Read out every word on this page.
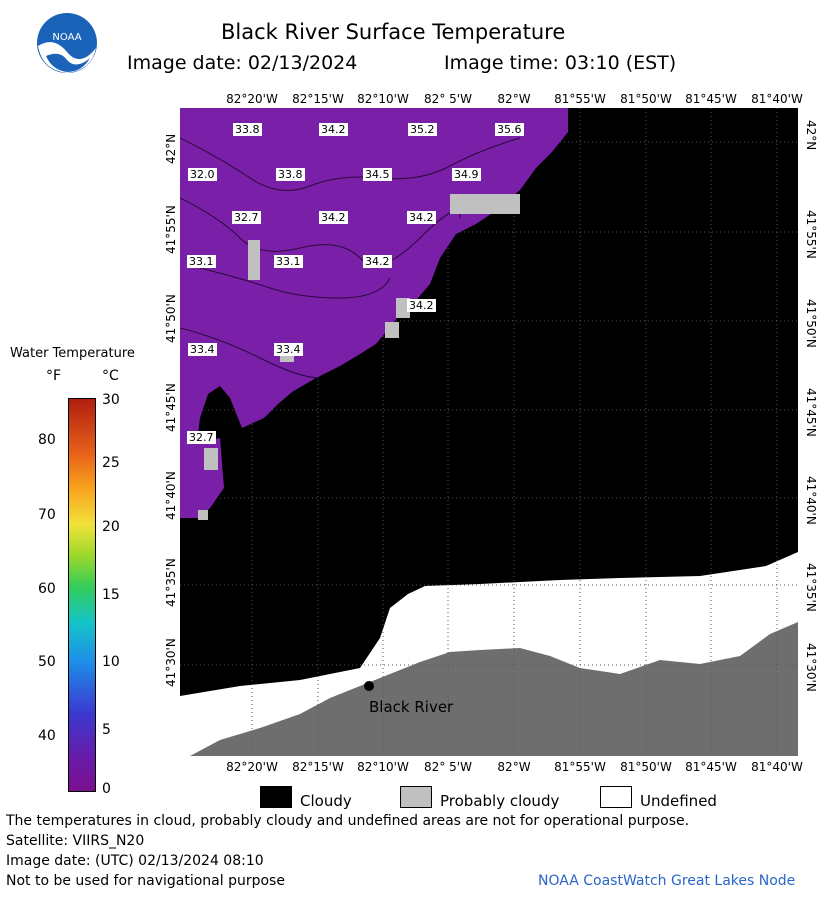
NOAA	Black River Surface Temperature
Image date: 02/13/2024	Image time: 03:10 (EST)
82°20'W 82°15'W 82°10'W	82° 5'W	82°W	81°55'W 81°50'W 81°45'W 81°40'W
82°20'W 82°15'W 82°10'W	82° 5'W	82°W	81°55'W 81°50'W 81°45'W 81°40'W
42°N
41°55'N
41°50'N
41°45'N
41°40'N
41°35'N
41°30'N
42°N
41°55'N
41°50'N
41°45'N
41°40'N
41°35'N
41°30'N
33.8	34.2	35.2	35.6
32.0	33.8	34.5	34.9
32.7	34.2	34.2
33.1	33.1	34.2
34.2
33.4	33.4
32.7
Black River
Water Temperature
°F	°C
80
70
60
50
40
30
25
20
15
10
5
0
Cloudy	Probably cloudy	Undefined
The temperatures in cloud, probably cloudy and undefined areas are not for operational purpose.
Satellite: VIIRS_N20
Image date: (UTC) 02/13/2024 08:10
Not to be used for navigational purpose	NOAA CoastWatch Great Lakes Node
